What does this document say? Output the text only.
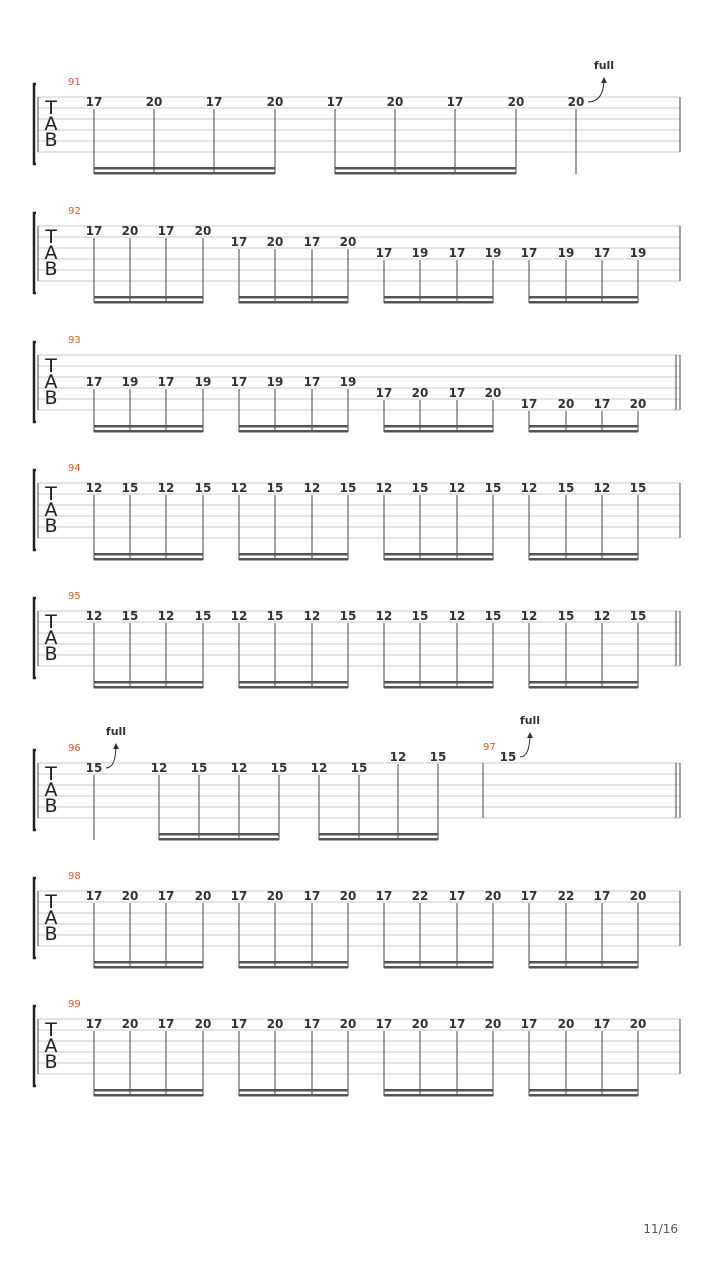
T
A
B
91
17	20	17	20	17	20	17	20	20
full
T
A
B
92
17 20 17 20
17 20 17 20
17 19 17 19 17 19 17 19
T
A
B
93
17 19 17 19 17 19 17 19
17 20 17 20
17 20 17 20
T
A
B
94
12 15 12 15 12 15 12 15 12 15 12 15 12 15 12 15
T
A
B
95
12 15 12 15 12 15 12 15 12 15 12 15 12 15 12 15
T
A
B
96	97
15
full
12 15 12 15 12 15
12 15	15
full
T
A
B
98
17 20 17 20 17 20 17 20 17 22 17 20 17 22 17 20
T
A
B
99
17 20 17 20 17 20 17 20 17 20 17 20 17 20 17 20
11/16
